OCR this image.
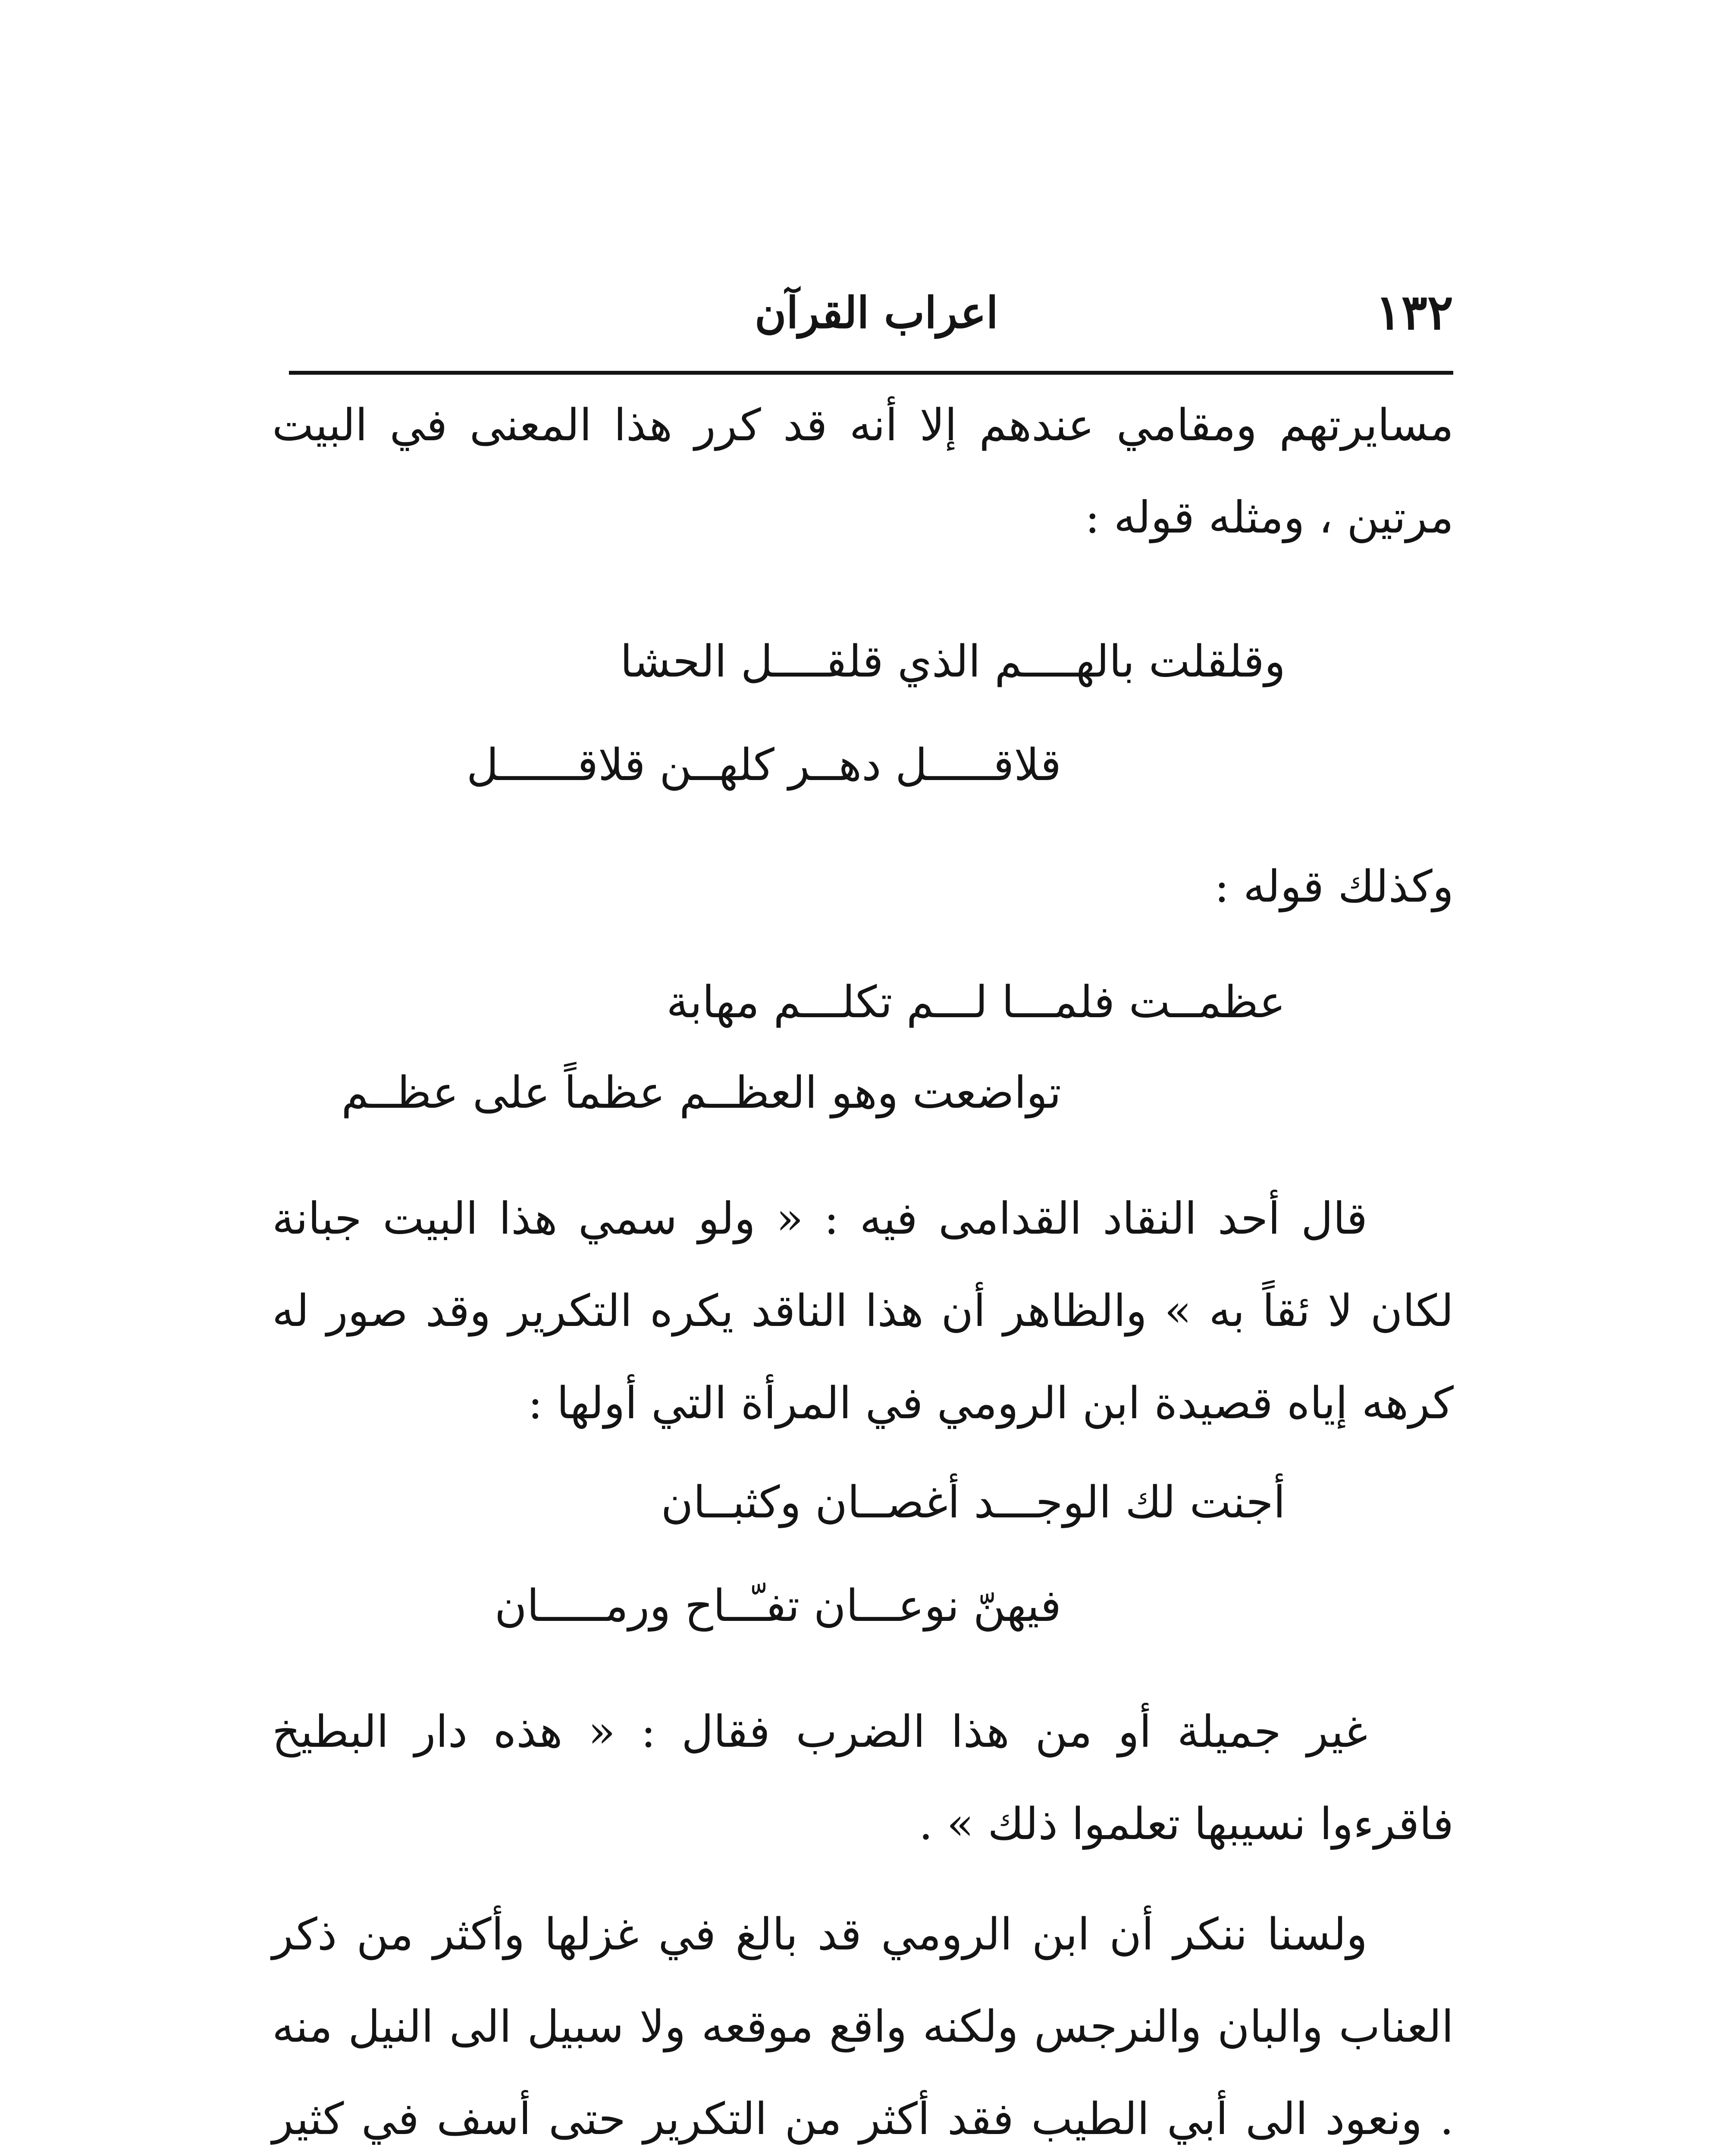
١٣٢
اعراب القرآن

مسايرتهم ومقامي عندهم إلا أنه قد كرر هذا المعنى في البيت مرتين ، ومثله قوله :

وقلقلت بالهــــم الذي قلقــــل الحشا

قلاقـــــل دهــر كلهــن قلاقــــــل

وكذلك قوله :

عظمــت فلمـــا لـــم تكلـــم مهابة

تواضعت وهو العظــم عظماً على عظــم

قال أحد النقاد القدامى فيه : « ولو سمي هذا البيت جبانة لكان لا ئقاً به » والظاهر أن هذا الناقد يكره التكرير وقد صور له كرهه إياه قصيدة ابن الرومي في المرأة التي أولها :

أجنت لك الوجـــد أغصــان وكثبــان

فيهنّ نوعـــان تفـّــاح ورمـــــان

غير جميلة أو من هذا الضرب فقال : « هذه دار البطيخ فاقرءوا نسيبها تعلموا ذلك » .

ولسنا ننكر أن ابن الرومي قد بالغ في غزلها وأكثر من ذكر العناب والبان والنرجس ولكنه واقع موقعه ولا سبيل الى النيل منه . ونعود الى أبي الطيب فقد أكثر من التكرير حتى أسف في كثير
